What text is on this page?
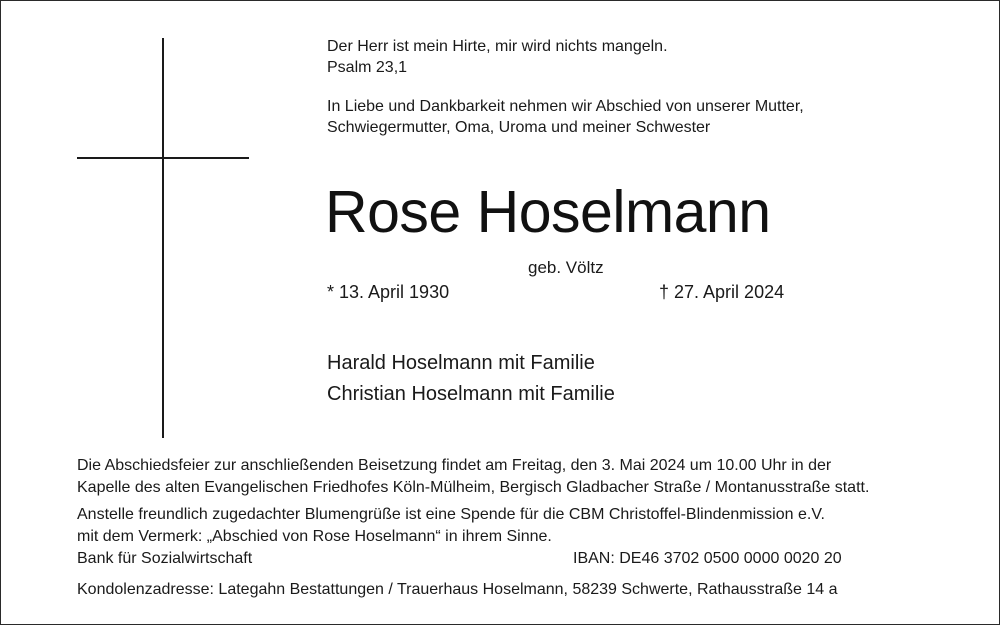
Der Herr ist mein Hirte, mir wird nichts mangeln.
Psalm 23,1
In Liebe und Dankbarkeit nehmen wir Abschied von unserer Mutter,
Schwiegermutter, Oma, Uroma und meiner Schwester
Rose Hoselmann
geb. Völtz
* 13. April 1930	† 27. April 2024
Harald Hoselmann mit Familie
Christian Hoselmann mit Familie
Die Abschiedsfeier zur anschließenden Beisetzung findet am Freitag, den 3. Mai 2024 um 10.00 Uhr in der
Kapelle des alten Evangelischen Friedhofes Köln-Mülheim, Bergisch Gladbacher Straße / Montanusstraße statt.
Anstelle freundlich zugedachter Blumengrüße ist eine Spende für die CBM Christoffel-Blindenmission e.V.
mit dem Vermerk: „Abschied von Rose Hoselmann“ in ihrem Sinne.
Bank für Sozialwirtschaft	IBAN: DE46 3702 0500 0000 0020 20
Kondolenzadresse: Lategahn Bestattungen / Trauerhaus Hoselmann, 58239 Schwerte, Rathausstraße 14 a
